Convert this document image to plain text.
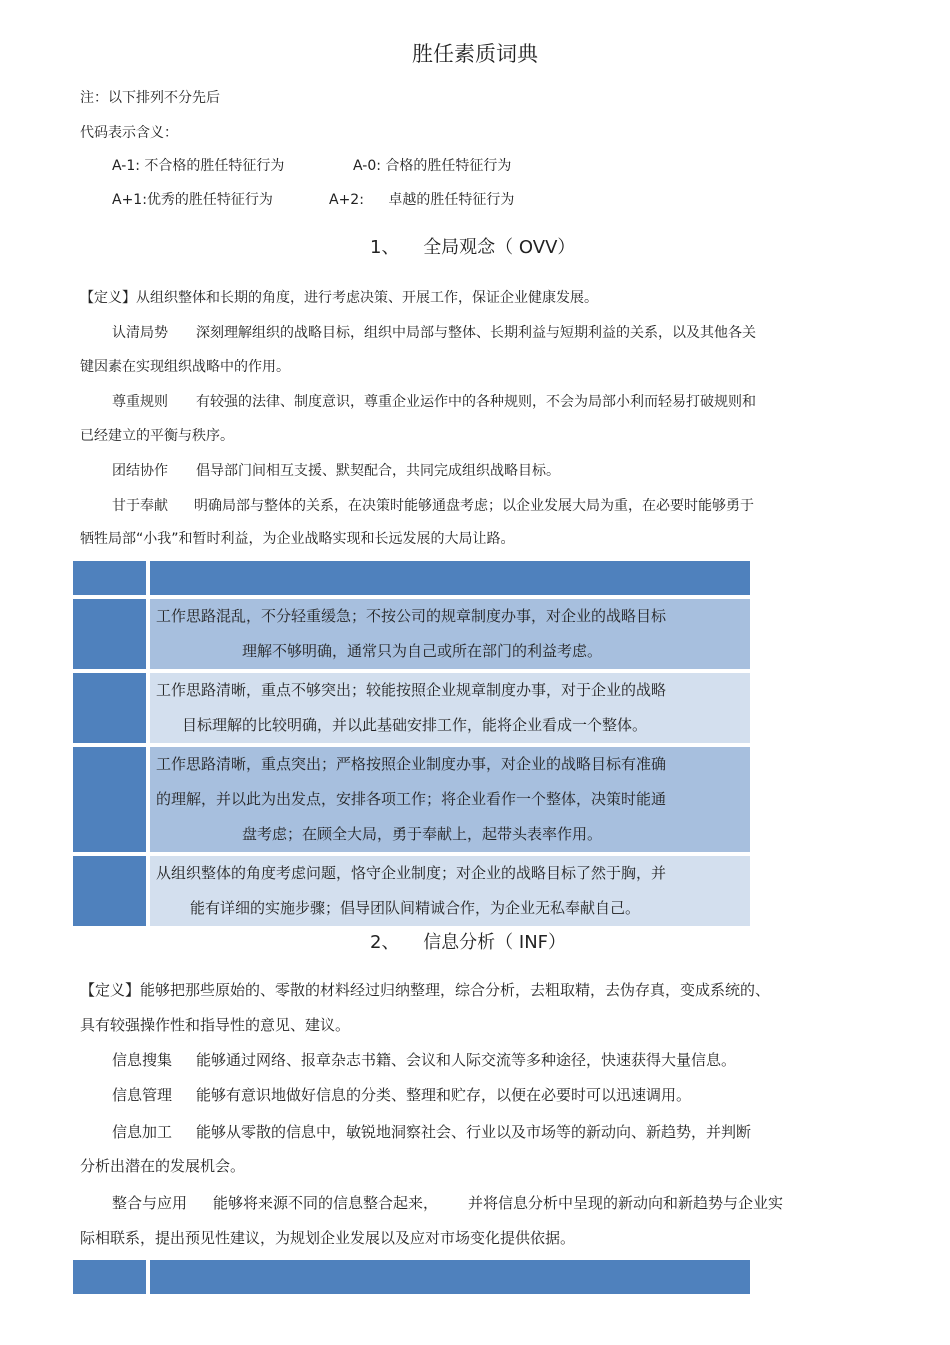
胜任素质词典
注：以下排列不分先后
代码表示含义：
A-1: 不合格的胜任特征行为	A-0: 合格的胜任特征行为
A+1:优秀的胜任特征行为	A+2: 卓越的胜任特征行为
1、 全局观念（ OVV）
【定义】从组织整体和长期的角度，进行考虑决策、开展工作，保证企业健康发展。
认清局势 深刻理解组织的战略目标，组织中局部与整体、长期利益与短期利益的关系，以及其他各关
键因素在实现组织战略中的作用。
尊重规则 有较强的法律、制度意识，尊重企业运作中的各种规则，不会为局部小利而轻易打破规则和
已经建立的平衡与秩序。
团结协作 倡导部门间相互支援、默契配合，共同完成组织战略目标。
甘于奉献 明确局部与整体的关系，在决策时能够通盘考虑；以企业发展大局为重，在必要时能够勇于
牺牲局部“小我”和暂时利益，为企业战略实现和长远发展的大局让路。

	工作思路混乱，不分轻重缓急；不按公司的规章制度办事，对企业的战略目标
理解不够明确，通常只为自己或所在部门的利益考虑。

	工作思路清晰，重点不够突出；较能按照企业规章制度办事，对于企业的战略
目标理解的比较明确，并以此基础安排工作，能将企业看成一个整体。

	工作思路清晰，重点突出；严格按照企业制度办事，对企业的战略目标有准确
的理解，并以此为出发点，安排各项工作；将企业看作一个整体，决策时能通
盘考虑；在顾全大局，勇于奉献上，起带头表率作用。

	从组织整体的角度考虑问题，恪守企业制度；对企业的战略目标了然于胸，并
能有详细的实施步骤；倡导团队间精诚合作，为企业无私奉献自己。
2、 信息分析（ INF）
【定义】能够把那些原始的、零散的材料经过归纳整理，综合分析，去粗取精，去伪存真，变成系统的、
具有较强操作性和指导性的意见、建议。
信息搜集 能够通过网络、报章杂志书籍、会议和人际交流等多种途径，快速获得大量信息。
信息管理 能够有意识地做好信息的分类、整理和贮存，以便在必要时可以迅速调用。
信息加工 能够从零散的信息中，敏锐地洞察社会、行业以及市场等的新动向、新趋势，并判断
分析出潜在的发展机会。
整合与应用 能够将来源不同的信息整合起来， 并将信息分析中呈现的新动向和新趋势与企业实
际相联系，提出预见性建议，为规划企业发展以及应对市场变化提供依据。
